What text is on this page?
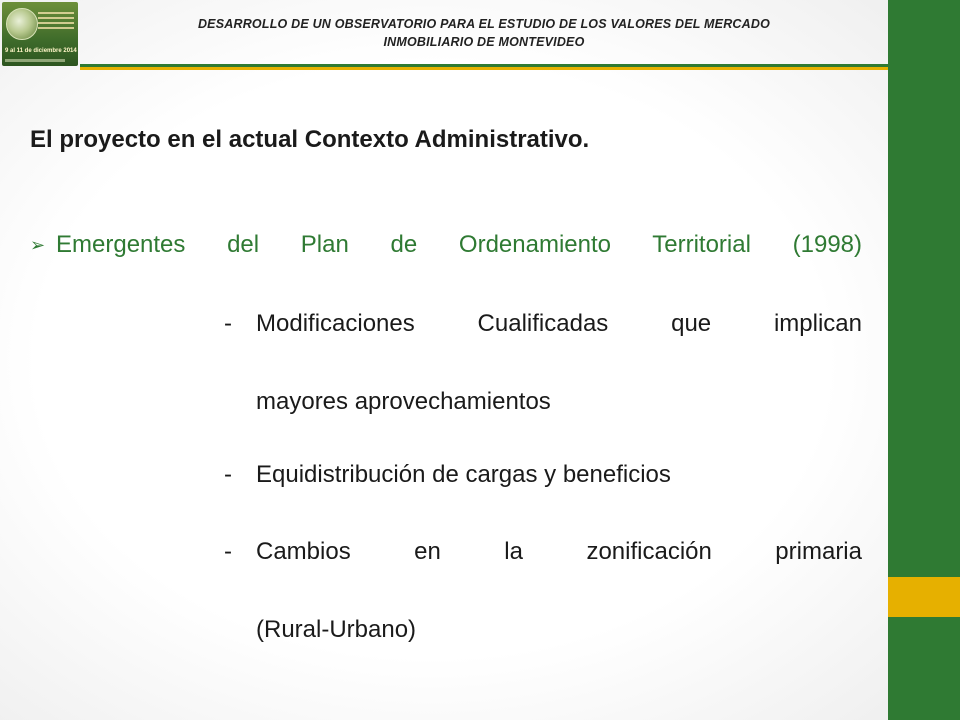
9 al 11 de diciembre 2014
DESARROLLO DE UN OBSERVATORIO PARA EL ESTUDIO DE LOS VALORES DEL MERCADO
INMOBILIARIO DE MONTEVIDEO
El proyecto en el actual Contexto Administrativo.
➢ Emergentes del Plan de Ordenamiento Territorial (1998)
- Modificaciones Cualificadas que implican
mayores aprovechamientos
- Equidistribución de cargas y beneficios
- Cambios en la zonificación primaria
(Rural-Urbano)
